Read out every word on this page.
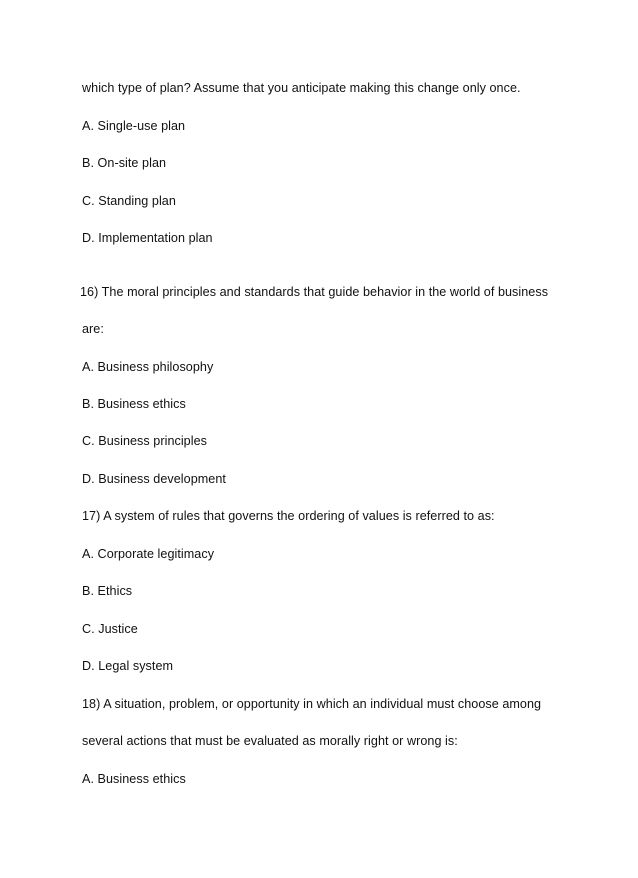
which type of plan? Assume that you anticipate making this change only once.
A. Single-use plan
B. On-site plan
C. Standing plan
D. Implementation plan
16) The moral principles and standards that guide behavior in the world of business
are:
A. Business philosophy
B. Business ethics
C. Business principles
D. Business development
17) A system of rules that governs the ordering of values is referred to as:
A. Corporate legitimacy
B. Ethics
C. Justice
D. Legal system
18) A situation, problem, or opportunity in which an individual must choose among
several actions that must be evaluated as morally right or wrong is:
A. Business ethics
